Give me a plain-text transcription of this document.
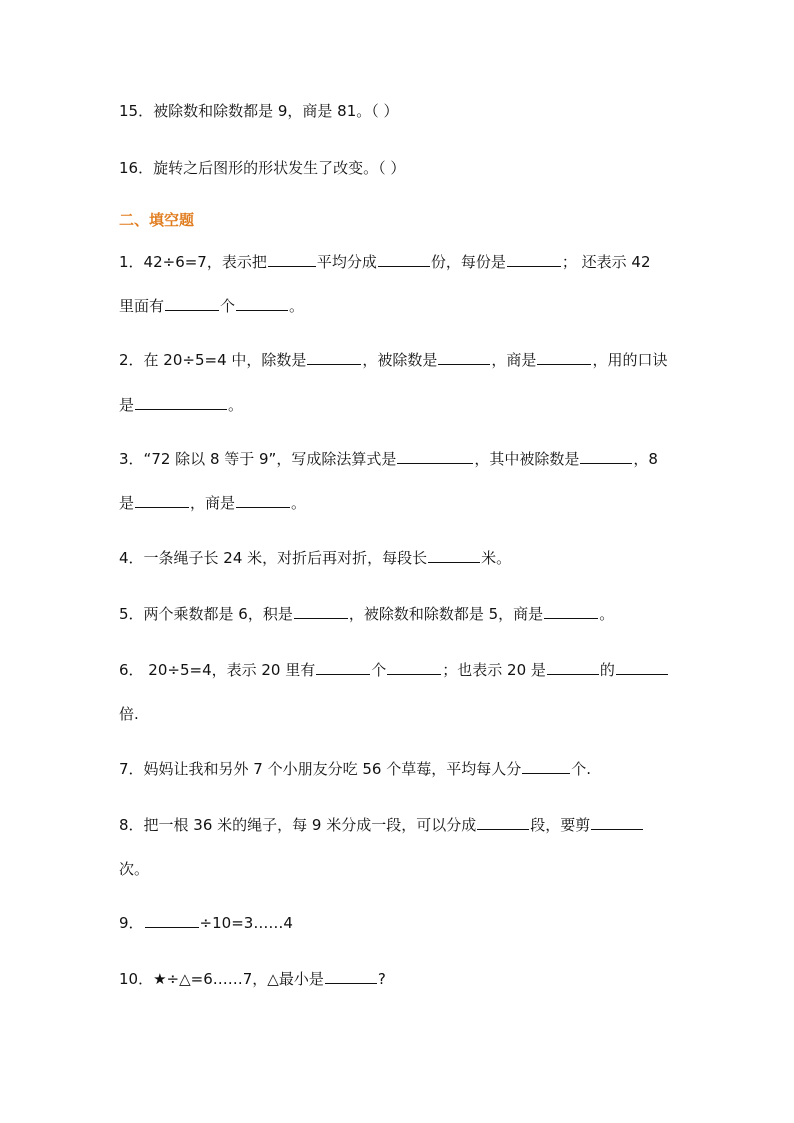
15．被除数和除数都是 9，商是 81。（ ）
16．旋转之后图形的形状发生了改变。（ ）
二、填空题
1．42÷6=7，表示把	平均分成	份，每份是	； 还表示 42
里面有	个	。
2．在 20÷5=4 中，除数是	，被除数是	，商是	，用的口诀
是	。
3．“72 除以 8 等于 9”，写成除法算式是	，其中被除数是	，8
是	，商是	。
4．一条绳子长 24 米，对折后再对折，每段长	米。
5．两个乘数都是 6，积是	，被除数和除数都是 5，商是	。
6． 20÷5=4，表示 20 里有	个	；也表示 20 是	的
倍.
7．妈妈让我和另外 7 个小朋友分吃 56 个草莓，平均每人分	个.
8．把一根 36 米的绳子，每 9 米分成一段，可以分成	段，要剪
次。
9．	÷10=3……4
10．★÷△=6……7，△最小是	?
